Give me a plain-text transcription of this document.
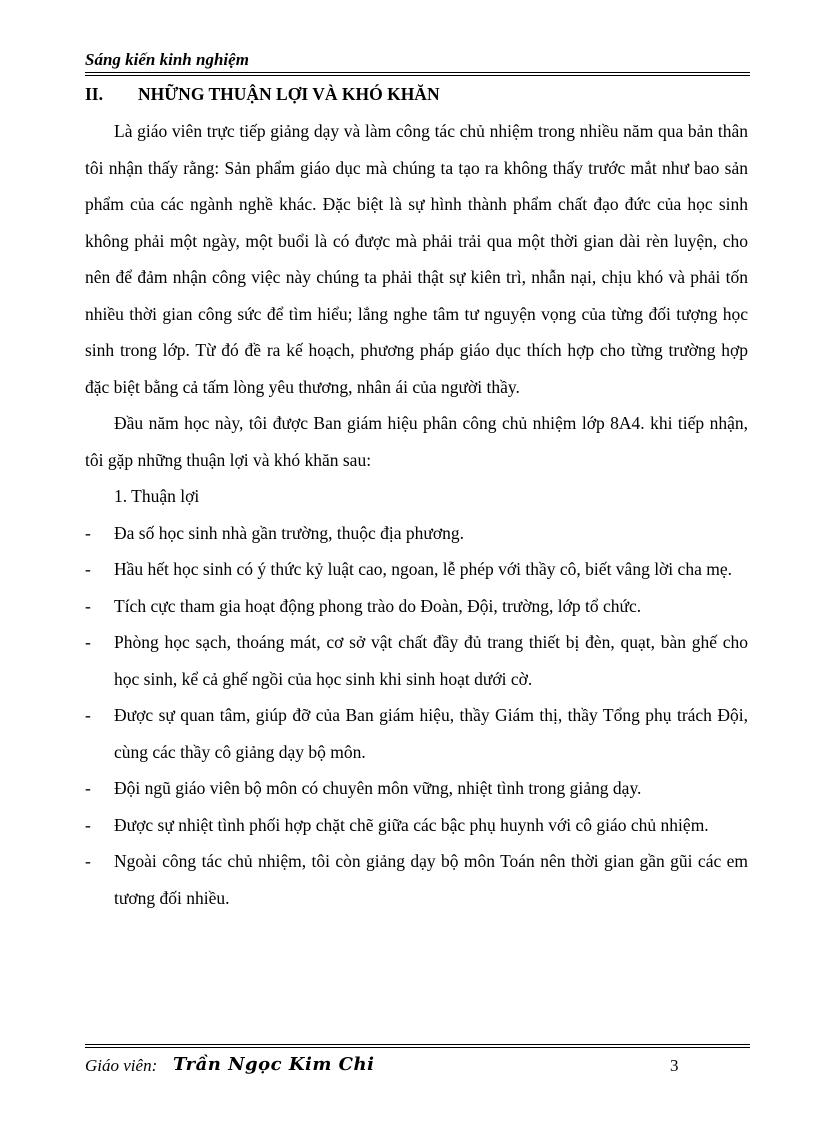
Sáng kiến kinh nghiệm
II. NHỮNG THUẬN LỢI VÀ KHÓ KHĂN

Là giáo viên trực tiếp giảng dạy và làm công tác chủ nhiệm trong nhiều năm qua bản thân tôi nhận thấy rằng: Sản phẩm giáo dục mà chúng ta tạo ra không thấy trước mắt như bao sản phẩm của các ngành nghề khác. Đặc biệt là sự hình thành phẩm chất đạo đức của học sinh không phải một ngày, một buổi là có được mà phải trải qua một thời gian dài rèn luyện, cho nên để đảm nhận công việc này chúng ta phải thật sự kiên trì, nhẫn nại, chịu khó và phải tốn nhiều thời gian công sức để tìm hiểu; lắng nghe tâm tư nguyện vọng của từng đối tượng học sinh trong lớp. Từ đó đề ra kế hoạch, phương pháp giáo dục thích hợp cho từng trường hợp đặc biệt bằng cả tấm lòng yêu thương, nhân ái của người thầy.

Đầu năm học này, tôi được Ban giám hiệu phân công chủ nhiệm lớp 8A4. khi tiếp nhận, tôi gặp những thuận lợi và khó khăn sau:

1. Thuận lợi
-	Đa số học sinh nhà gần trường, thuộc địa phương.
-	Hầu hết học sinh có ý thức kỷ luật cao, ngoan, lễ phép với thầy cô, biết vâng lời cha mẹ.
-	Tích cực tham gia hoạt động phong trào do Đoàn, Đội, trường, lớp tổ chức.
-	Phòng học sạch, thoáng mát, cơ sở vật chất đầy đủ trang thiết bị đèn, quạt, bàn ghế cho học sinh, kể cả ghế ngồi của học sinh khi sinh hoạt dưới cờ.
-	Được sự quan tâm, giúp đỡ của Ban giám hiệu, thầy Giám thị, thầy Tổng phụ trách Đội, cùng các thầy cô giảng dạy bộ môn.
-	Đội ngũ giáo viên bộ môn có chuyên môn vững, nhiệt tình trong giảng dạy.
-	Được sự nhiệt tình phối hợp chặt chẽ giữa các bậc phụ huynh với cô giáo chủ nhiệm.
-	Ngoài công tác chủ nhiệm, tôi còn giảng dạy bộ môn Toán nên thời gian gần gũi các em tương đối nhiều.
Giáo viên: Trần Ngọc Kim Chi	3
